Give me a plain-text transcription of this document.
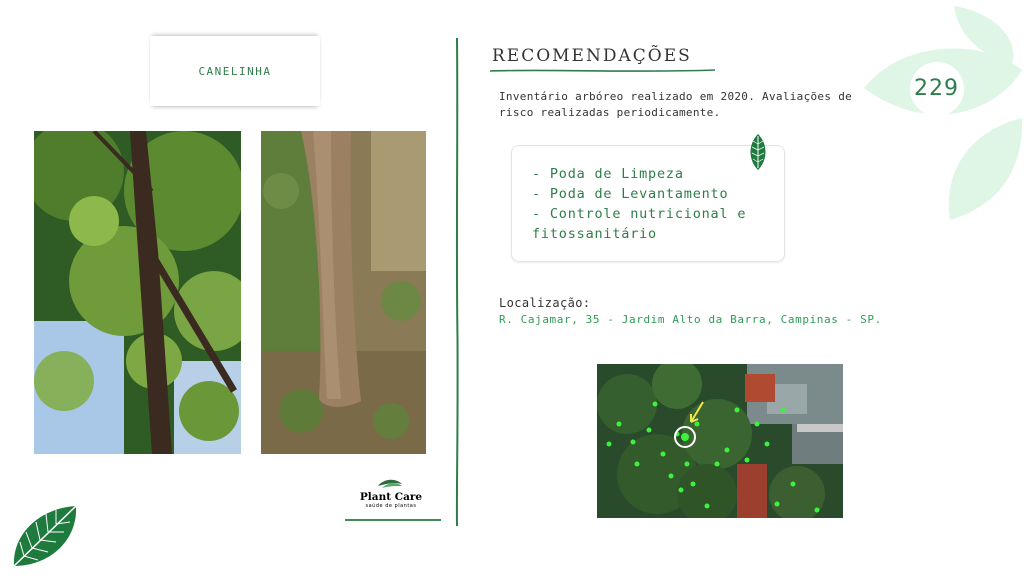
CANELINHA
RECOMENDAÇÕES
Inventário arbóreo realizado em 2020. Avaliações de risco realizadas periodicamente.
229
- Poda de Limpeza
- Poda de Levantamento
- Controle nutricional e
fitossanitário
Localização:
R. Cajamar, 35 - Jardim Alto da Barra, Campinas - SP.
Plant Care
saúde de plantas
